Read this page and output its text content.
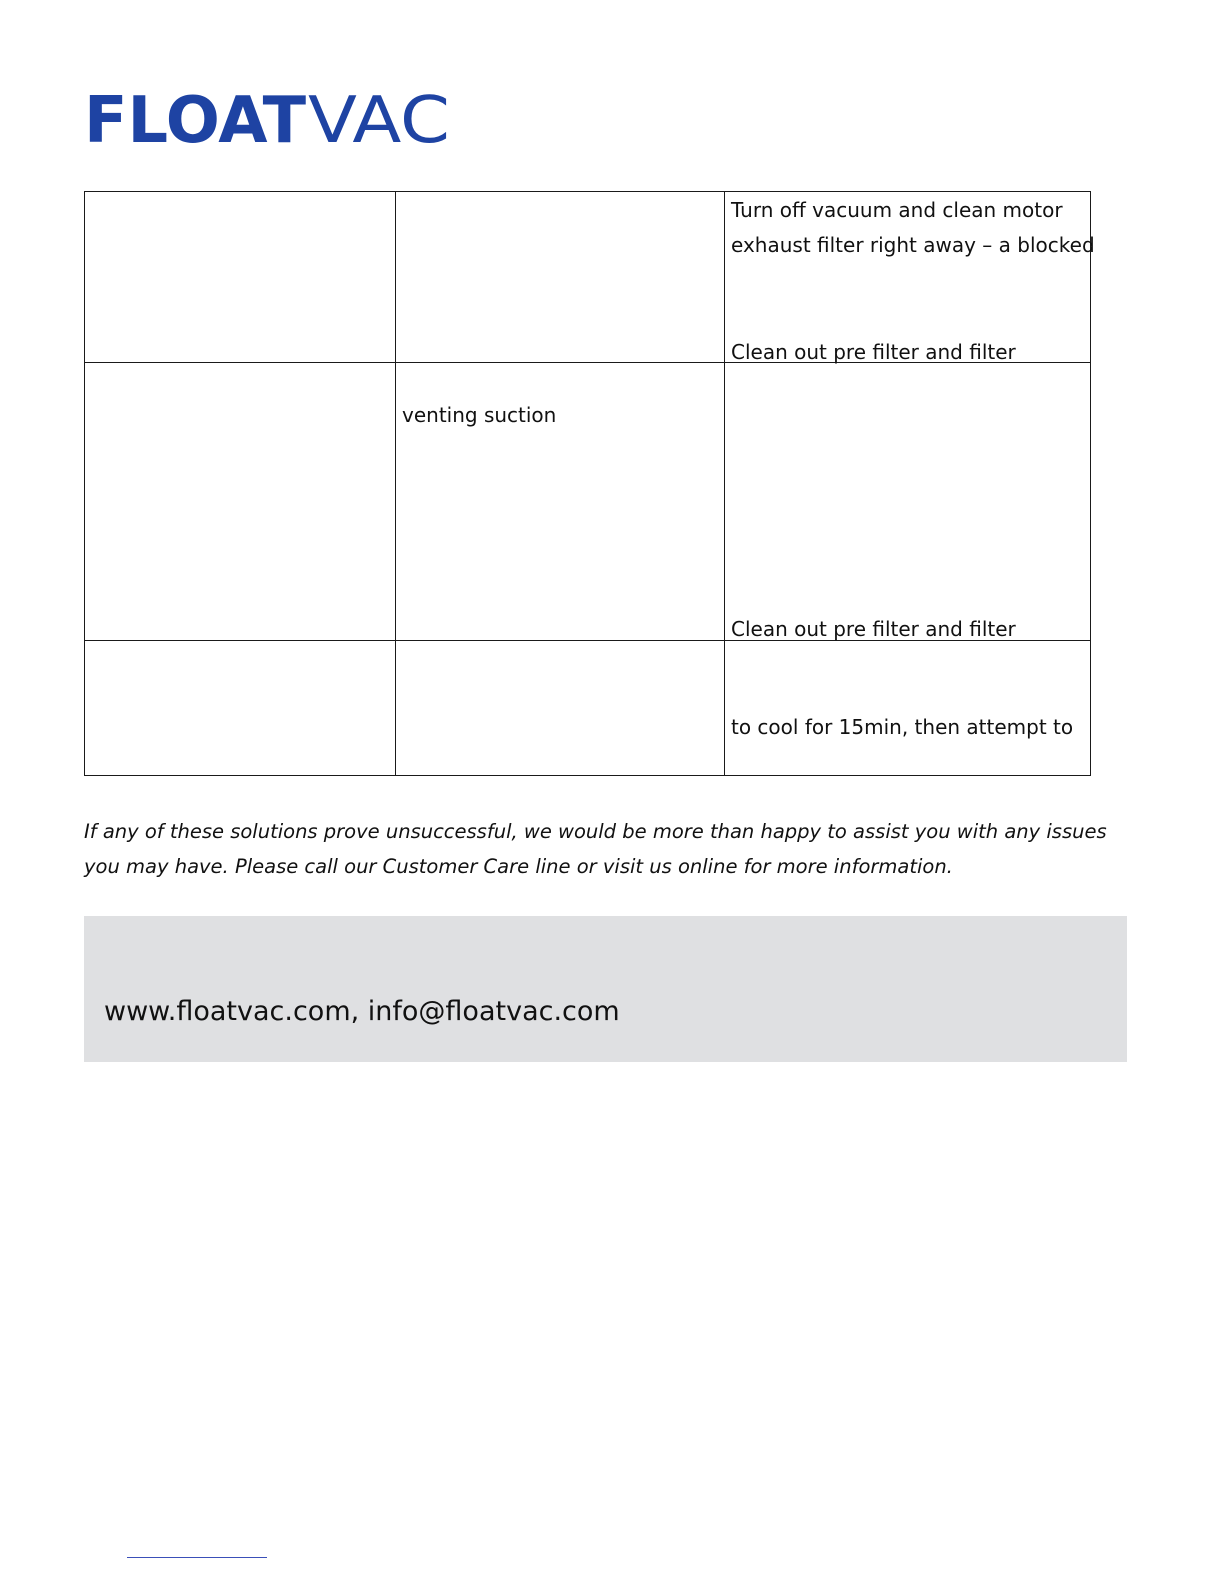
FLOAT VAC

		Turn off vacuum and clean motor
exhaust filter right away – a blocked
Clean out pre filter and filter

	venting suction	Clean out pre filter and filter

		to cool for 15min, then attempt to

If any of these solutions prove unsuccessful, we would be more than happy to assist you with any issues you may have. Please call our Customer Care line or visit us online for more information.

www.floatvac.com, info@floatvac.com
